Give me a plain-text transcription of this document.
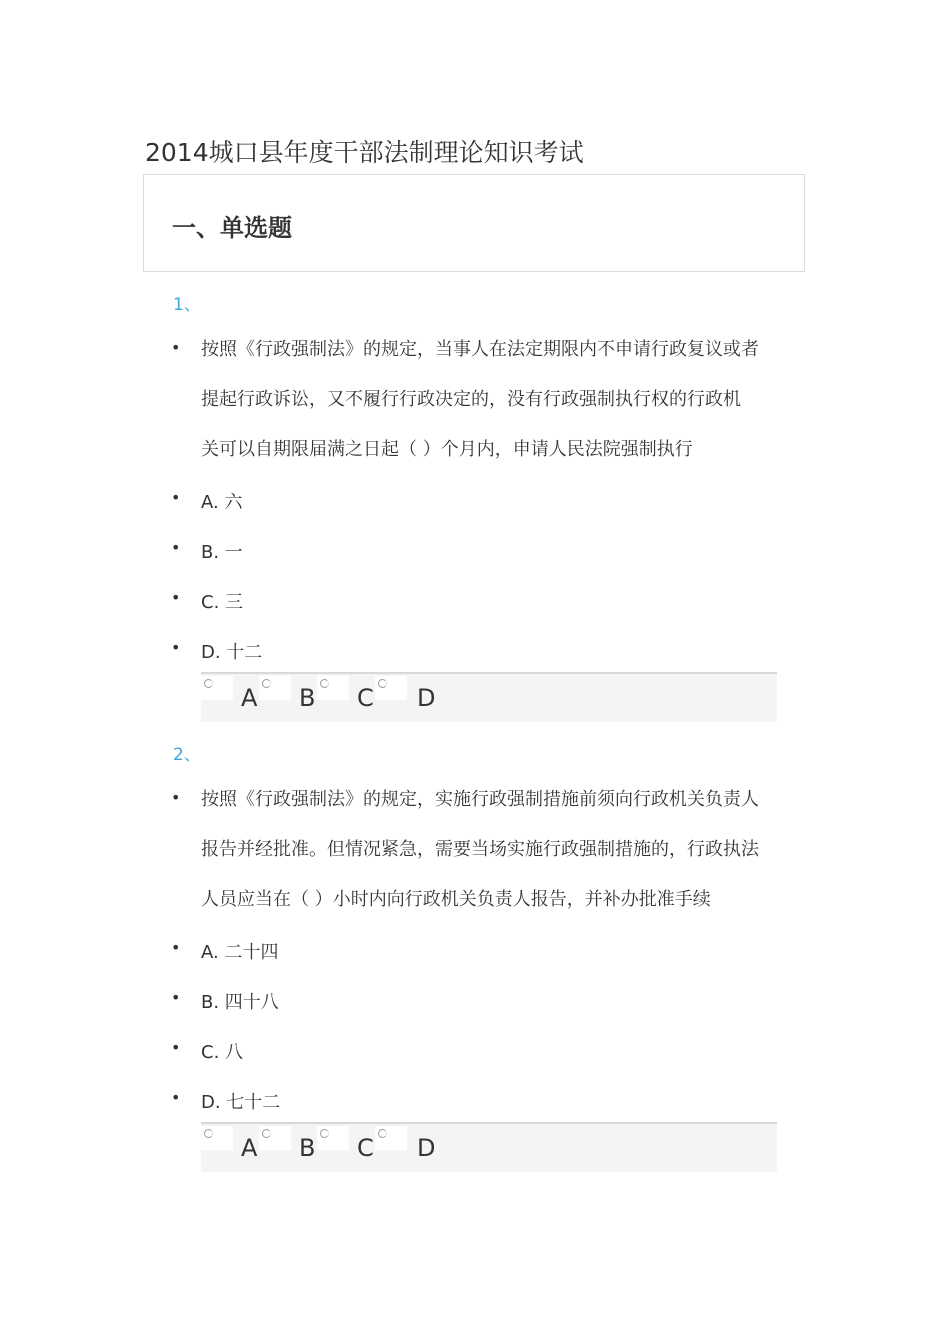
2014城口县年度干部法制理论知识考试
一、单选题
1、
• 按照《行政强制法》的规定，当事人在法定期限内不申请行政复议或者
提起行政诉讼，又不履行行政决定的，没有行政强制执行权的行政机
关可以自期限届满之日起（ ）个月内，申请人民法院强制执行
• A. 六
• B. 一
• C. 三
• D. 十二
A B C D
2、
• 按照《行政强制法》的规定，实施行政强制措施前须向行政机关负责人
报告并经批准。但情况紧急，需要当场实施行政强制措施的，行政执法
人员应当在（ ）小时内向行政机关负责人报告，并补办批准手续
• A. 二十四
• B. 四十八
• C. 八
• D. 七十二
A B C D
